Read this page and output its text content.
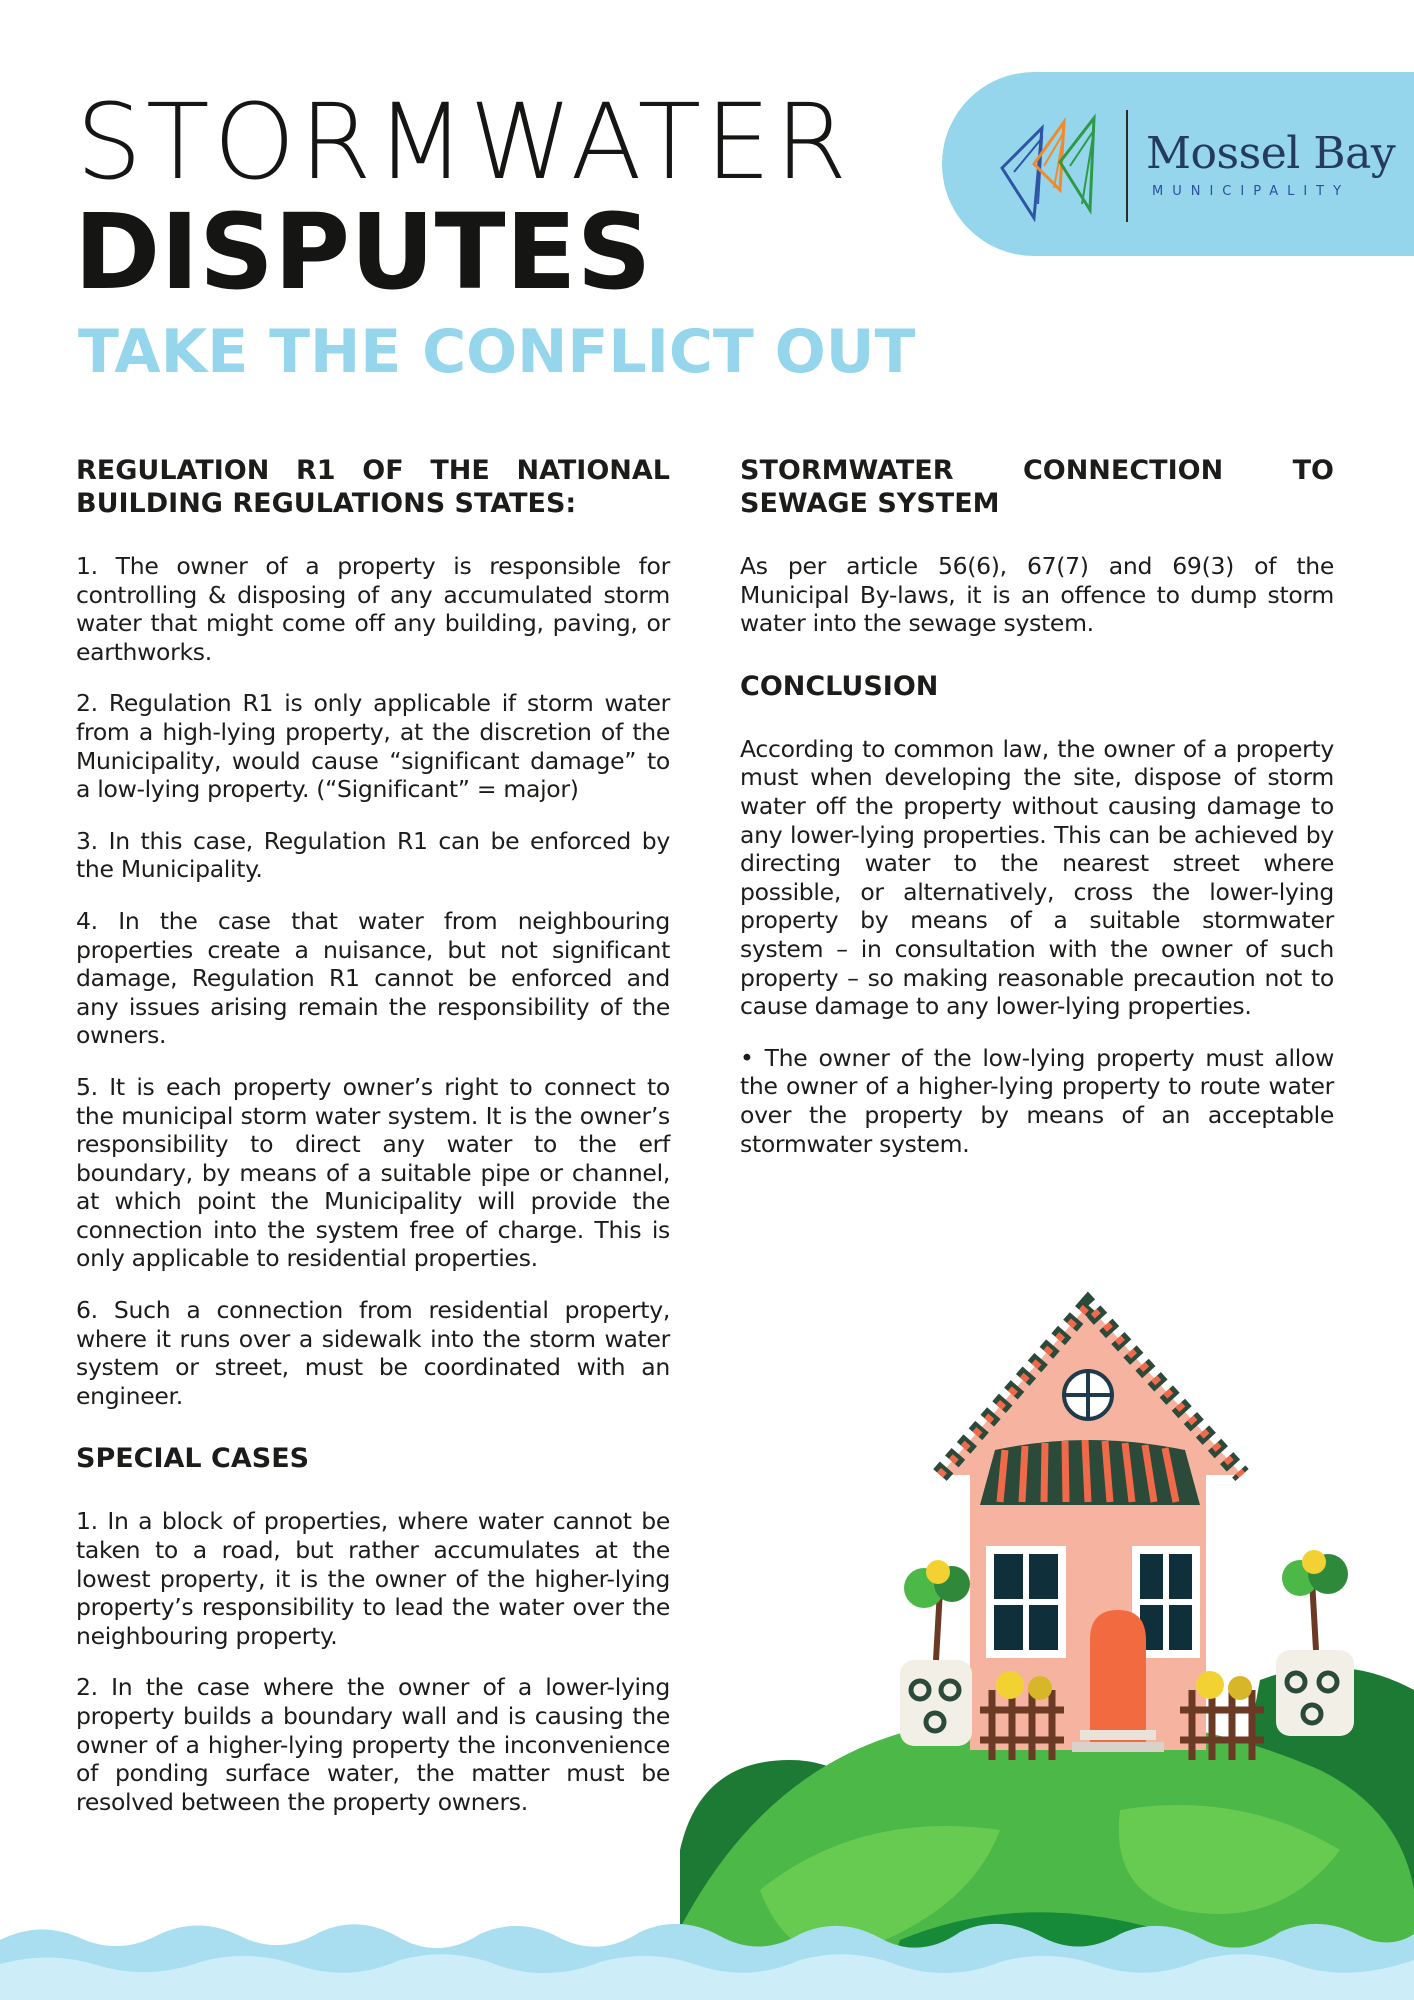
STORMWATER
DISPUTES
TAKE THE CONFLICT OUT
Mossel Bay
MUNICIPALITY
REGULATION R1 OF THE NATIONAL
BUILDING REGULATIONS STATES:

1. The owner of a property is responsible for controlling & disposing of any accumulated storm water that might come off any building, paving, or earthworks.

2. Regulation R1 is only applicable if storm water from a high-lying property, at the discretion of the Municipality, would cause “significant damage” to a low-lying property. (“Significant” = major)

3. In this case, Regulation R1 can be enforced by the Municipality.

4. In the case that water from neighbouring properties create a nuisance, but not significant damage, Regulation R1 cannot be enforced and any issues arising remain the responsibility of the owners.

5. It is each property owner’s right to connect to the municipal storm water system. It is the owner’s responsibility to direct any water to the erf boundary, by means of a suitable pipe or channel, at which point the Municipality will provide the connection into the system free of charge. This is only applicable to residential properties.

6. Such a connection from residential property, where it runs over a sidewalk into the storm water system or street, must be coordinated with an engineer.

SPECIAL CASES

1. In a block of properties, where water cannot be taken to a road, but rather accumulates at the lowest property, it is the owner of the higher-lying property’s responsibility to lead the water over the neighbouring property.

2. In the case where the owner of a lower-lying property builds a boundary wall and is causing the owner of a higher-lying property the inconvenience of ponding surface water, the matter must be resolved between the property owners.

STORMWATER CONNECTION TO
SEWAGE SYSTEM

As per article 56(6), 67(7) and 69(3) of the Municipal By-laws, it is an offence to dump storm water into the sewage system.

CONCLUSION

According to common law, the owner of a property must when developing the site, dispose of storm water off the property without causing damage to any lower-lying properties. This can be achieved by directing water to the nearest street where possible, or alternatively, cross the lower-lying property by means of a suitable stormwater system – in consultation with the owner of such property – so making reasonable precaution not to cause damage to any lower-lying properties.

• The owner of the low-lying property must allow the owner of a higher-lying property to route water over the property by means of an acceptable stormwater system.
